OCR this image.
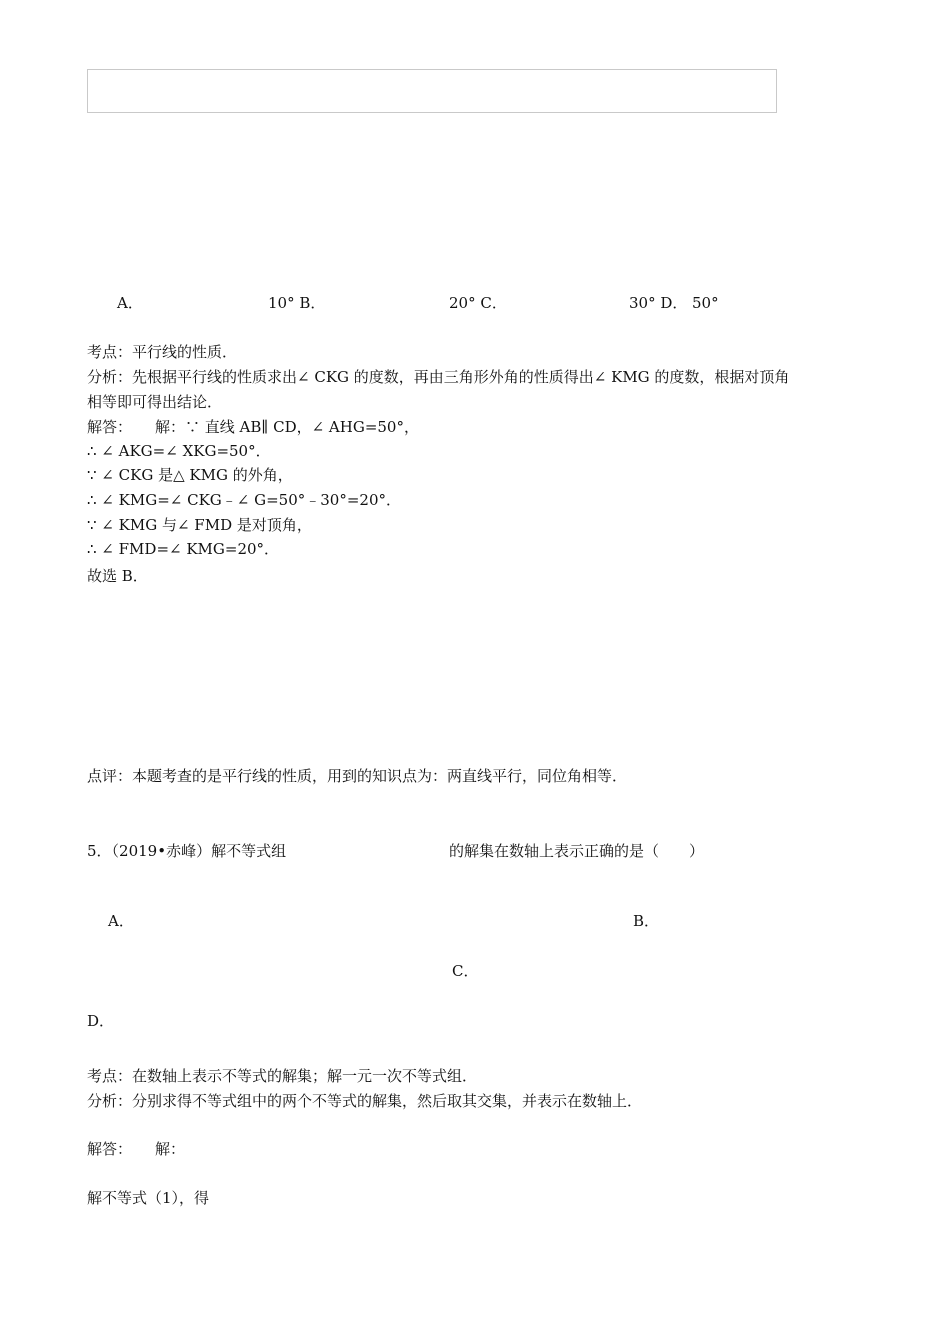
A．	10° B．	20° C．	30° D． 50°
考点：平行线的性质．
分析：先根据平行线的性质求出∠ CKG 的度数，再由三角形外角的性质得出∠ KMG 的度数，根据对顶角
相等即可得出结论．
解答： 解：∵ 直线 AB∥ CD，∠ AHG=50°，
∴ ∠ AKG=∠ XKG=50°．
∵ ∠ CKG 是△ KMG 的外角，
∴ ∠ KMG=∠ CKG﹣∠ G=50°﹣30°=20°．
∵ ∠ KMG 与∠ FMD 是对顶角，
∴ ∠ FMD=∠ KMG=20°．
故选 B．
点评：本题考查的是平行线的性质，用到的知识点为：两直线平行，同位角相等．
5．（2019•赤峰）解不等式组	的解集在数轴上表示正确的是（　　）
A．	B．
C．
D．
考点：在数轴上表示不等式的解集；解一元一次不等式组．
分析：分别求得不等式组中的两个不等式的解集，然后取其交集，并表示在数轴上．
解答： 解：
解不等式（1），得
